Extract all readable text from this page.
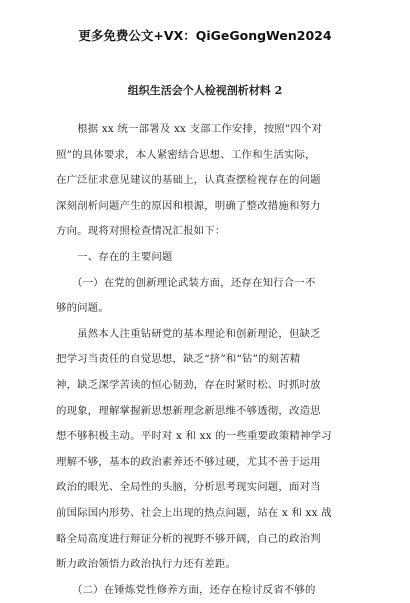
更多免费公文+VX：QiGeGongWen2024
组织生活会个人检视剖析材料 2
　　根据 xx 统一部署及 xx 支部工作安排，按照”四个对
照”的具体要求，本人紧密结合思想、工作和生活实际，
在广泛征求意见建议的基础上，认真查摆检视存在的问题
深刻剖析问题产生的原因和根源，明确了整改措施和努力
方向。现将对照检查情况汇报如下：
　　一、存在的主要问题
　　（一）在党的创新理论武装方面，还存在知行合一不
够的问题。
　　虽然本人注重钻研党的基本理论和创新理论，但缺乏
把学习当责任的自觉思想，缺乏“挤”和“钻”的刻苦精
神，缺乏深学苦读的恒心韧劲，存在时紧时松、时抓时放
的现象，理解掌握新思想新理念新思维不够透彻，改造思
想不够积极主动。平时对 x 和 xx 的一些重要政策精神学习
理解不够，基本的政治素养还不够过硬，尤其不善于运用
政治的眼光、全局性的头脑，分析思考现实问题，面对当
前国际国内形势、社会上出现的热点问题，站在 x 和 xx 战
略全局高度进行辩证分析的视野不够开阔，自己的政治判
断力政治领悟力政治执行力还有差距。
　　（二）在锤炼党性修养方面，还存在检讨反省不够的
